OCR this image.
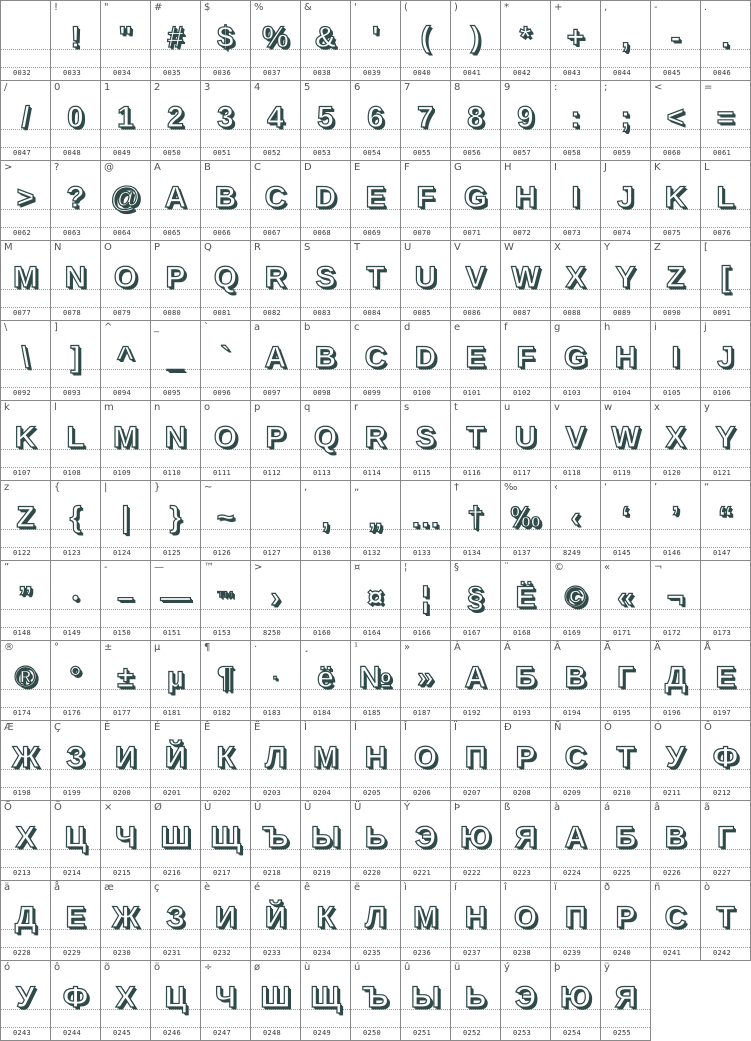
0032
!
!
0033
"
"
0034
#
#
0035
$
$
0036
%
%
0037
&
&
0038
'
'
0039
(
(
0040
)
)
0041
*
*
0042
+
+
0043
,
,
0044
-
-
0045
.
.
0046
/
/
0047
0
0
0048
1
1
0049
2
2
0050
3
3
0051
4
4
0052
5
5
0053
6
6
0054
7
7
0055
8
8
0056
9
9
0057
:
:
0058
;
;
0059
<
<
0060
=
=
0061
>
>
0062
?
?
0063
@
@
0064
A
A
0065
B
B
0066
C
C
0067
D
D
0068
E
E
0069
F
F
0070
G
G
0071
H
H
0072
I
I
0073
J
J
0074
K
K
0075
L
L
0076
M
M
0077
N
N
0078
O
O
0079
P
P
0080
Q
Q
0081
R
R
0082
S
S
0083
T
T
0084
U
U
0085
V
V
0086
W
W
0087
X
X
0088
Y
Y
0089
Z
Z
0090
[
[
0091
\
\
0092
]
]
0093
^
^
0094
_
_
0095
`
`
0096
a
A
0097
b
B
0098
c
C
0099
d
D
0100
e
E
0101
f
F
0102
g
G
0103
h
H
0104
i
I
0105
j
J
0106
k
K
0107
l
L
0108
m
M
0109
n
N
0110
o
O
0111
p
P
0112
q
Q
0113
r
R
0114
s
S
0115
t
T
0116
u
U
0117
v
V
0118
w
W
0119
x
X
0120
y
Y
0121
z
Z
0122
{
{
0123
|
|
0124
}
}
0125
~
~
0126	0127
,
,
0130
„
„
0132
…
0133
†
†
0134
‰
‰
0137
‹
‹
8249
‘
‘
0145
’
’
0146
“
“
0147
”
”
0148
•
0149
-
–
0150
—
—
0151
™
™
0153
>
›
8250	0160
¤
¤
0164
¦
¦
0166
§
§
0167
¨
Ё
0168
©
©
0169
«
«
0171
¬
¬
0172	0173
®
®
0174
°
°
0176
±
±
0177
µ
µ
0181
¶
¶
0182
·
·
0183
¸
ё
0184
¹
№
0185
»
»
0187
À
А
0192
Á
Б
0193
Â
В
0194
Ã
Г
0195
Ä
Д
0196
Å
Е
0197
Æ
Ж
0198
Ç
З
0199
È
И
0200
É
Й
0201
Ê
К
0202
Ë
Л
0203
Ì
М
0204
Í
Н
0205
Î
О
0206
Ï
П
0207
Ð
Р
0208
Ñ
С
0209
Ò
Т
0210
Ó
У
0211
Ô
Ф
0212
Õ
Х
0213
Ö
Ц
0214
×
Ч
0215
Ø
Ш
0216
Ù
Щ
0217
Ú
Ъ
0218
Û
Ы
0219
Ü
Ь
0220
Ý
Э
0221
Þ
Ю
0222
ß
Я
0223
à
А
0224
á
Б
0225
â
В
0226
ã
Г
0227
ä
Д
0228
å
Е
0229
æ
Ж
0230
ç
З
0231
è
И
0232
é
Й
0233
ê
К
0234
ë
Л
0235
ì
М
0236
í
Н
0237
î
О
0238
ï
П
0239
ð
Р
0240
ñ
С
0241
ò
Т
0242
ó
У
0243
ô
Ф
0244
õ
Х
0245
ö
Ц
0246
÷
Ч
0247
ø
Ш
0248
ù
Щ
0249
ú
Ъ
0250
û
Ы
0251
ü
Ь
0252
ý
Э
0253
þ
Ю
0254
ÿ
Я
0255
